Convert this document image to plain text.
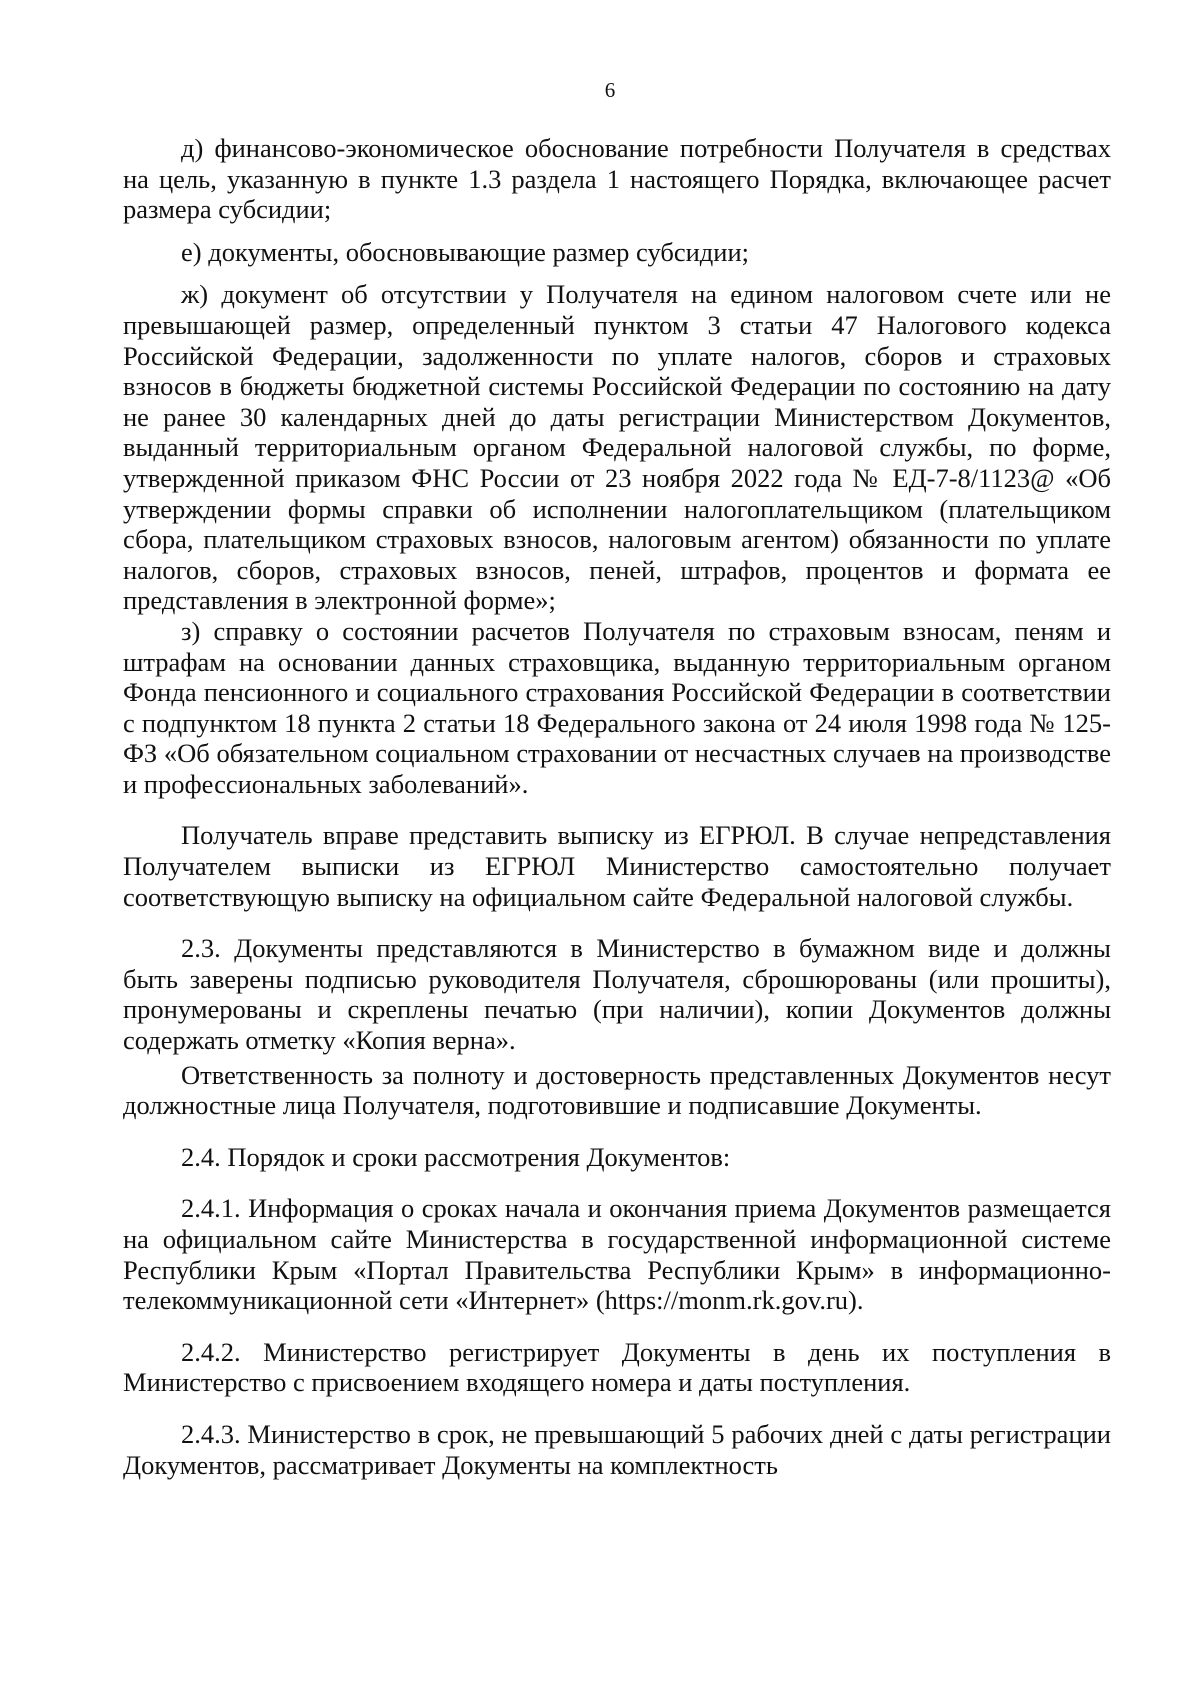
6

д) финансово-экономическое обоснование потребности Получателя в средствах на цель, указанную в пункте 1.3 раздела 1 настоящего Порядка, включающее расчет размера субсидии;

е) документы, обосновывающие размер субсидии;

ж) документ об отсутствии у Получателя на едином налоговом счете или не превышающей размер, определенный пунктом 3 статьи 47 Налогового кодекса Российской Федерации, задолженности по уплате налогов, сборов и страховых взносов в бюджеты бюджетной системы Российской Федерации по состоянию на дату не ранее 30 календарных дней до даты регистрации Министерством Документов, выданный территориальным органом Федеральной налоговой службы, по форме, утвержденной приказом ФНС России от 23 ноября 2022 года № ЕД-7-8/1123@ «Об утверждении формы справки об исполнении налогоплательщиком (плательщиком сбора, плательщиком страховых взносов, налоговым агентом) обязанности по уплате налогов, сборов, страховых взносов, пеней, штрафов, процентов и формата ее представления в электронной форме»;

з) справку о состоянии расчетов Получателя по страховым взносам, пеням и штрафам на основании данных страховщика, выданную территориальным органом Фонда пенсионного и социального страхования Российской Федерации в соответствии с подпунктом 18 пункта 2 статьи 18 Федерального закона от 24 июля 1998 года № 125-ФЗ «Об обязательном социальном страховании от несчастных случаев на производстве и профессиональных заболеваний».

Получатель вправе представить выписку из ЕГРЮЛ. В случае непредставления Получателем выписки из ЕГРЮЛ Министерство самостоятельно получает соответствующую выписку на официальном сайте Федеральной налоговой службы.

2.3. Документы представляются в Министерство в бумажном виде и должны быть заверены подписью руководителя Получателя, сброшюрованы (или прошиты), пронумерованы и скреплены печатью (при наличии), копии Документов должны содержать отметку «Копия верна».

Ответственность за полноту и достоверность представленных Документов несут должностные лица Получателя, подготовившие и подписавшие Документы.

2.4. Порядок и сроки рассмотрения Документов:

2.4.1. Информация о сроках начала и окончания приема Документов размещается на официальном сайте Министерства в государственной информационной системе Республики Крым «Портал Правительства Республики Крым» в информационно-телекоммуникационной сети «Интернет» (https://monm.rk.gov.ru).

2.4.2. Министерство регистрирует Документы в день их поступления в Министерство с присвоением входящего номера и даты поступления.

2.4.3. Министерство в срок, не превышающий 5 рабочих дней с даты регистрации Документов, рассматривает Документы на комплектность
